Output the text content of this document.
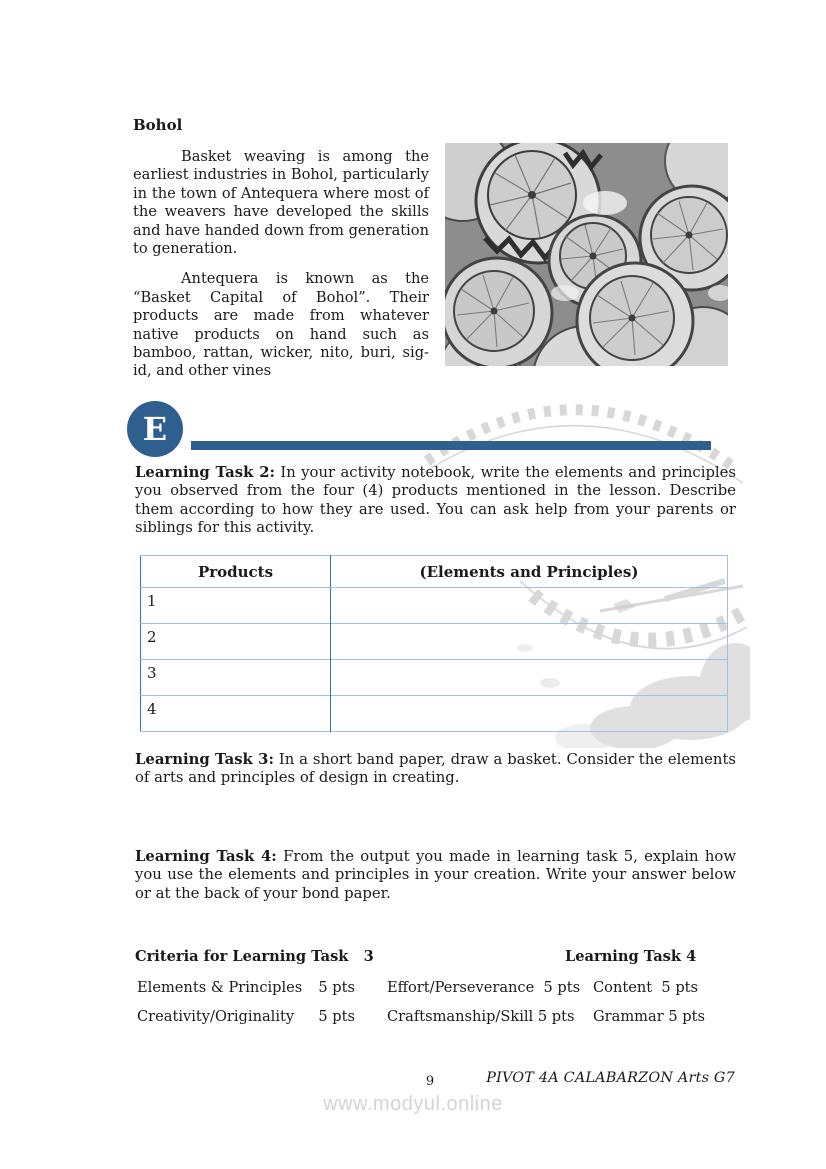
Bohol

Basket weaving is among the earliest industries in Bohol, particularly in the town of Antequera where most of the weavers have developed the skills and have handed down from generation to generation.

Antequera is known as the “Basket Capital of Bohol”. Their products are made from whatever native products on hand such as bamboo, rattan, wicker, nito, buri, sig-id, and other vines

E

Learning Task 2: In your activity notebook, write the elements and principles you observed from the four (4) products mentioned in the lesson. Describe them according to how they are used. You can ask help from your parents or siblings for this activity.

Products	(Elements and Principles)
1	
2	
3	
4	

Learning Task 3: In a short band paper, draw a basket. Consider the elements of arts and principles of design in creating.

Learning Task 4: From the output you made in learning task 5, explain how you use the elements and principles in your creation. Write your answer below or at the back of your bond paper.

Criteria for Learning Task   3	Learning Task 4
Elements & Principles 5 pts Effort/Perseverance  5 pts Content  5 pts
Creativity/Originality 5 pts Craftsmanship/Skill 5 pts Grammar 5 pts
9	PIVOT 4A CALABARZON Arts G7
www.modyul.online
